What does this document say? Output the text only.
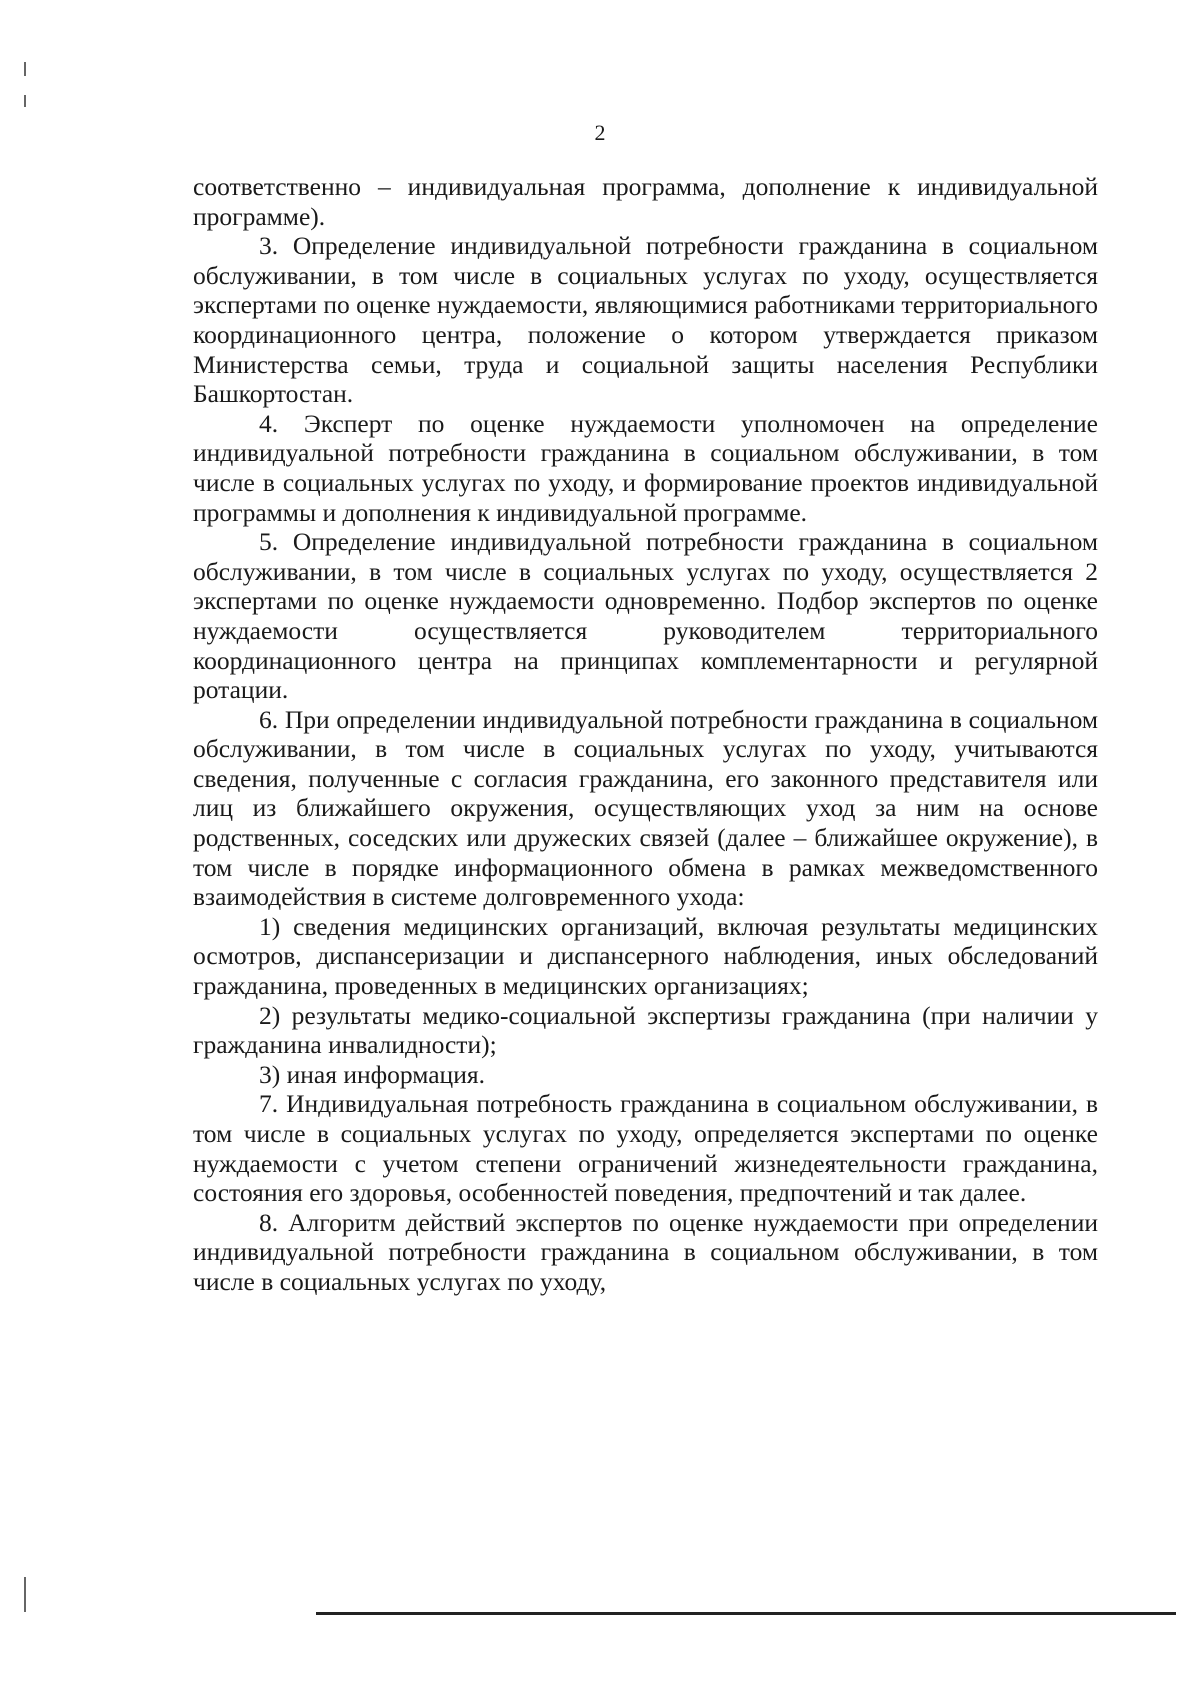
2

соответственно – индивидуальная программа, дополнение к индивидуальной программе).

3. Определение индивидуальной потребности гражданина в социальном обслуживании, в том числе в социальных услугах по уходу, осуществляется экспертами по оценке нуждаемости, являющимися работниками территориального координационного центра, положение о котором утверждается приказом Министерства семьи, труда и социальной защиты населения Республики Башкортостан.

4. Эксперт по оценке нуждаемости уполномочен на определение индивидуальной потребности гражданина в социальном обслуживании, в том числе в социальных услугах по уходу, и формирование проектов индивидуальной программы и дополнения к индивидуальной программе.

5. Определение индивидуальной потребности гражданина в социальном обслуживании, в том числе в социальных услугах по уходу, осуществляется 2 экспертами по оценке нуждаемости одновременно. Подбор экспертов по оценке нуждаемости осуществляется руководителем территориального координационного центра на принципах комплементарности и регулярной ротации.

6. При определении индивидуальной потребности гражданина в социальном обслуживании, в том числе в социальных услугах по уходу, учитываются сведения, полученные с согласия гражданина, его законного представителя или лиц из ближайшего окружения, осуществляющих уход за ним на основе родственных, соседских или дружеских связей (далее – ближайшее окружение), в том числе в порядке информационного обмена в рамках межведомственного взаимодействия в системе долговременного ухода:

1) сведения медицинских организаций, включая результаты медицинских осмотров, диспансеризации и диспансерного наблюдения, иных обследований гражданина, проведенных в медицинских организациях;

2) результаты медико-социальной экспертизы гражданина (при наличии у гражданина инвалидности);

3) иная информация.

7. Индивидуальная потребность гражданина в социальном обслуживании, в том числе в социальных услугах по уходу, определяется экспертами по оценке нуждаемости с учетом степени ограничений жизнедеятельности гражданина, состояния его здоровья, особенностей поведения, предпочтений и так далее.

8. Алгоритм действий экспертов по оценке нуждаемости при определении индивидуальной потребности гражданина в социальном обслуживании, в том числе в социальных услугах по уходу,
